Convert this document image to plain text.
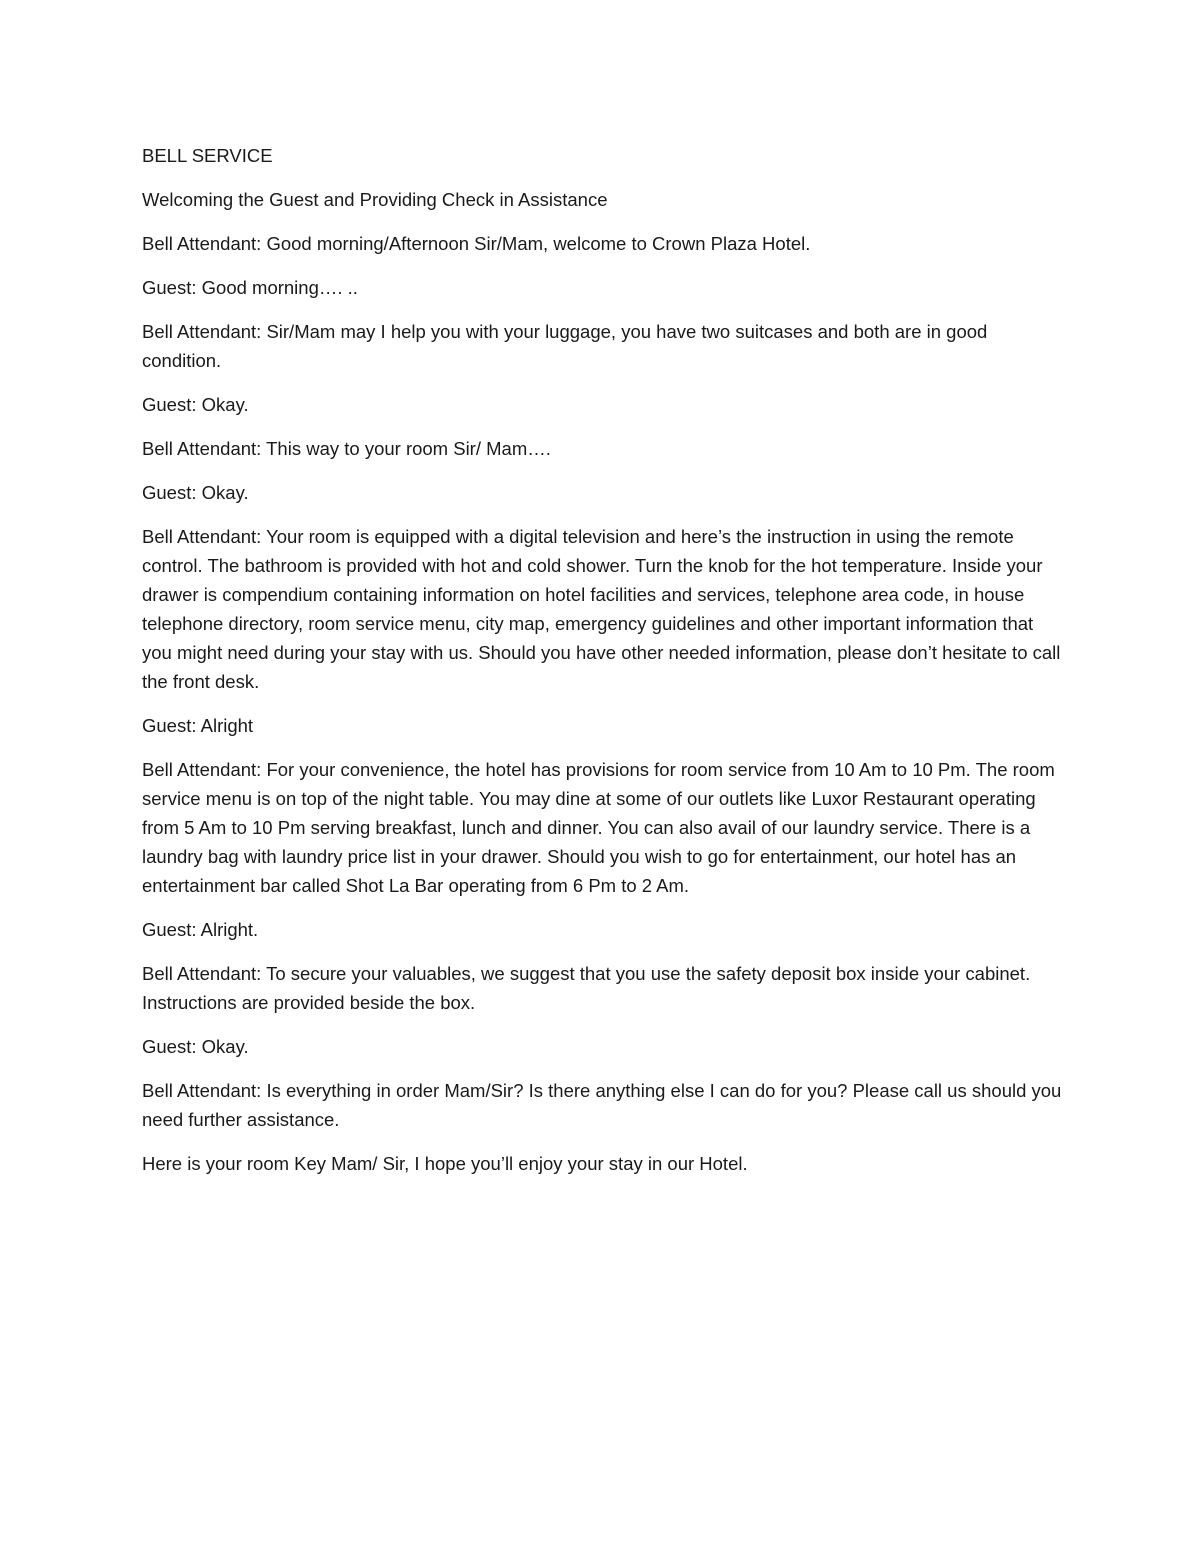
BELL SERVICE

Welcoming the Guest and Providing Check in Assistance

Bell Attendant: Good morning/Afternoon Sir/Mam, welcome to Crown Plaza Hotel.

Guest: Good morning…. ..

Bell Attendant: Sir/Mam may I help you with your luggage, you have two suitcases and both are in good condition.

Guest: Okay.

Bell Attendant: This way to your room Sir/ Mam….

Guest: Okay.

Bell Attendant: Your room is equipped with a digital television and here’s the instruction in using the remote control. The bathroom is provided with hot and cold shower. Turn the knob for the hot temperature. Inside your drawer is compendium containing information on hotel facilities and services, telephone area code, in house telephone directory, room service menu, city map, emergency guidelines and other important information that you might need during your stay with us. Should you have other needed information, please don’t hesitate to call the front desk.

Guest: Alright

Bell Attendant: For your convenience, the hotel has provisions for room service from 10 Am to 10 Pm. The room service menu is on top of the night table. You may dine at some of our outlets like Luxor Restaurant operating from 5 Am to 10 Pm serving breakfast, lunch and dinner. You can also avail of our laundry service. There is a laundry bag with laundry price list in your drawer. Should you wish to go for entertainment, our hotel has an entertainment bar called Shot La Bar operating from 6 Pm to 2 Am.

Guest: Alright.

Bell Attendant: To secure your valuables, we suggest that you use the safety deposit box inside your cabinet. Instructions are provided beside the box.

Guest: Okay.

Bell Attendant: Is everything in order Mam/Sir? Is there anything else I can do for you? Please call us should you need further assistance.

Here is your room Key Mam/ Sir, I hope you’ll enjoy your stay in our Hotel.
